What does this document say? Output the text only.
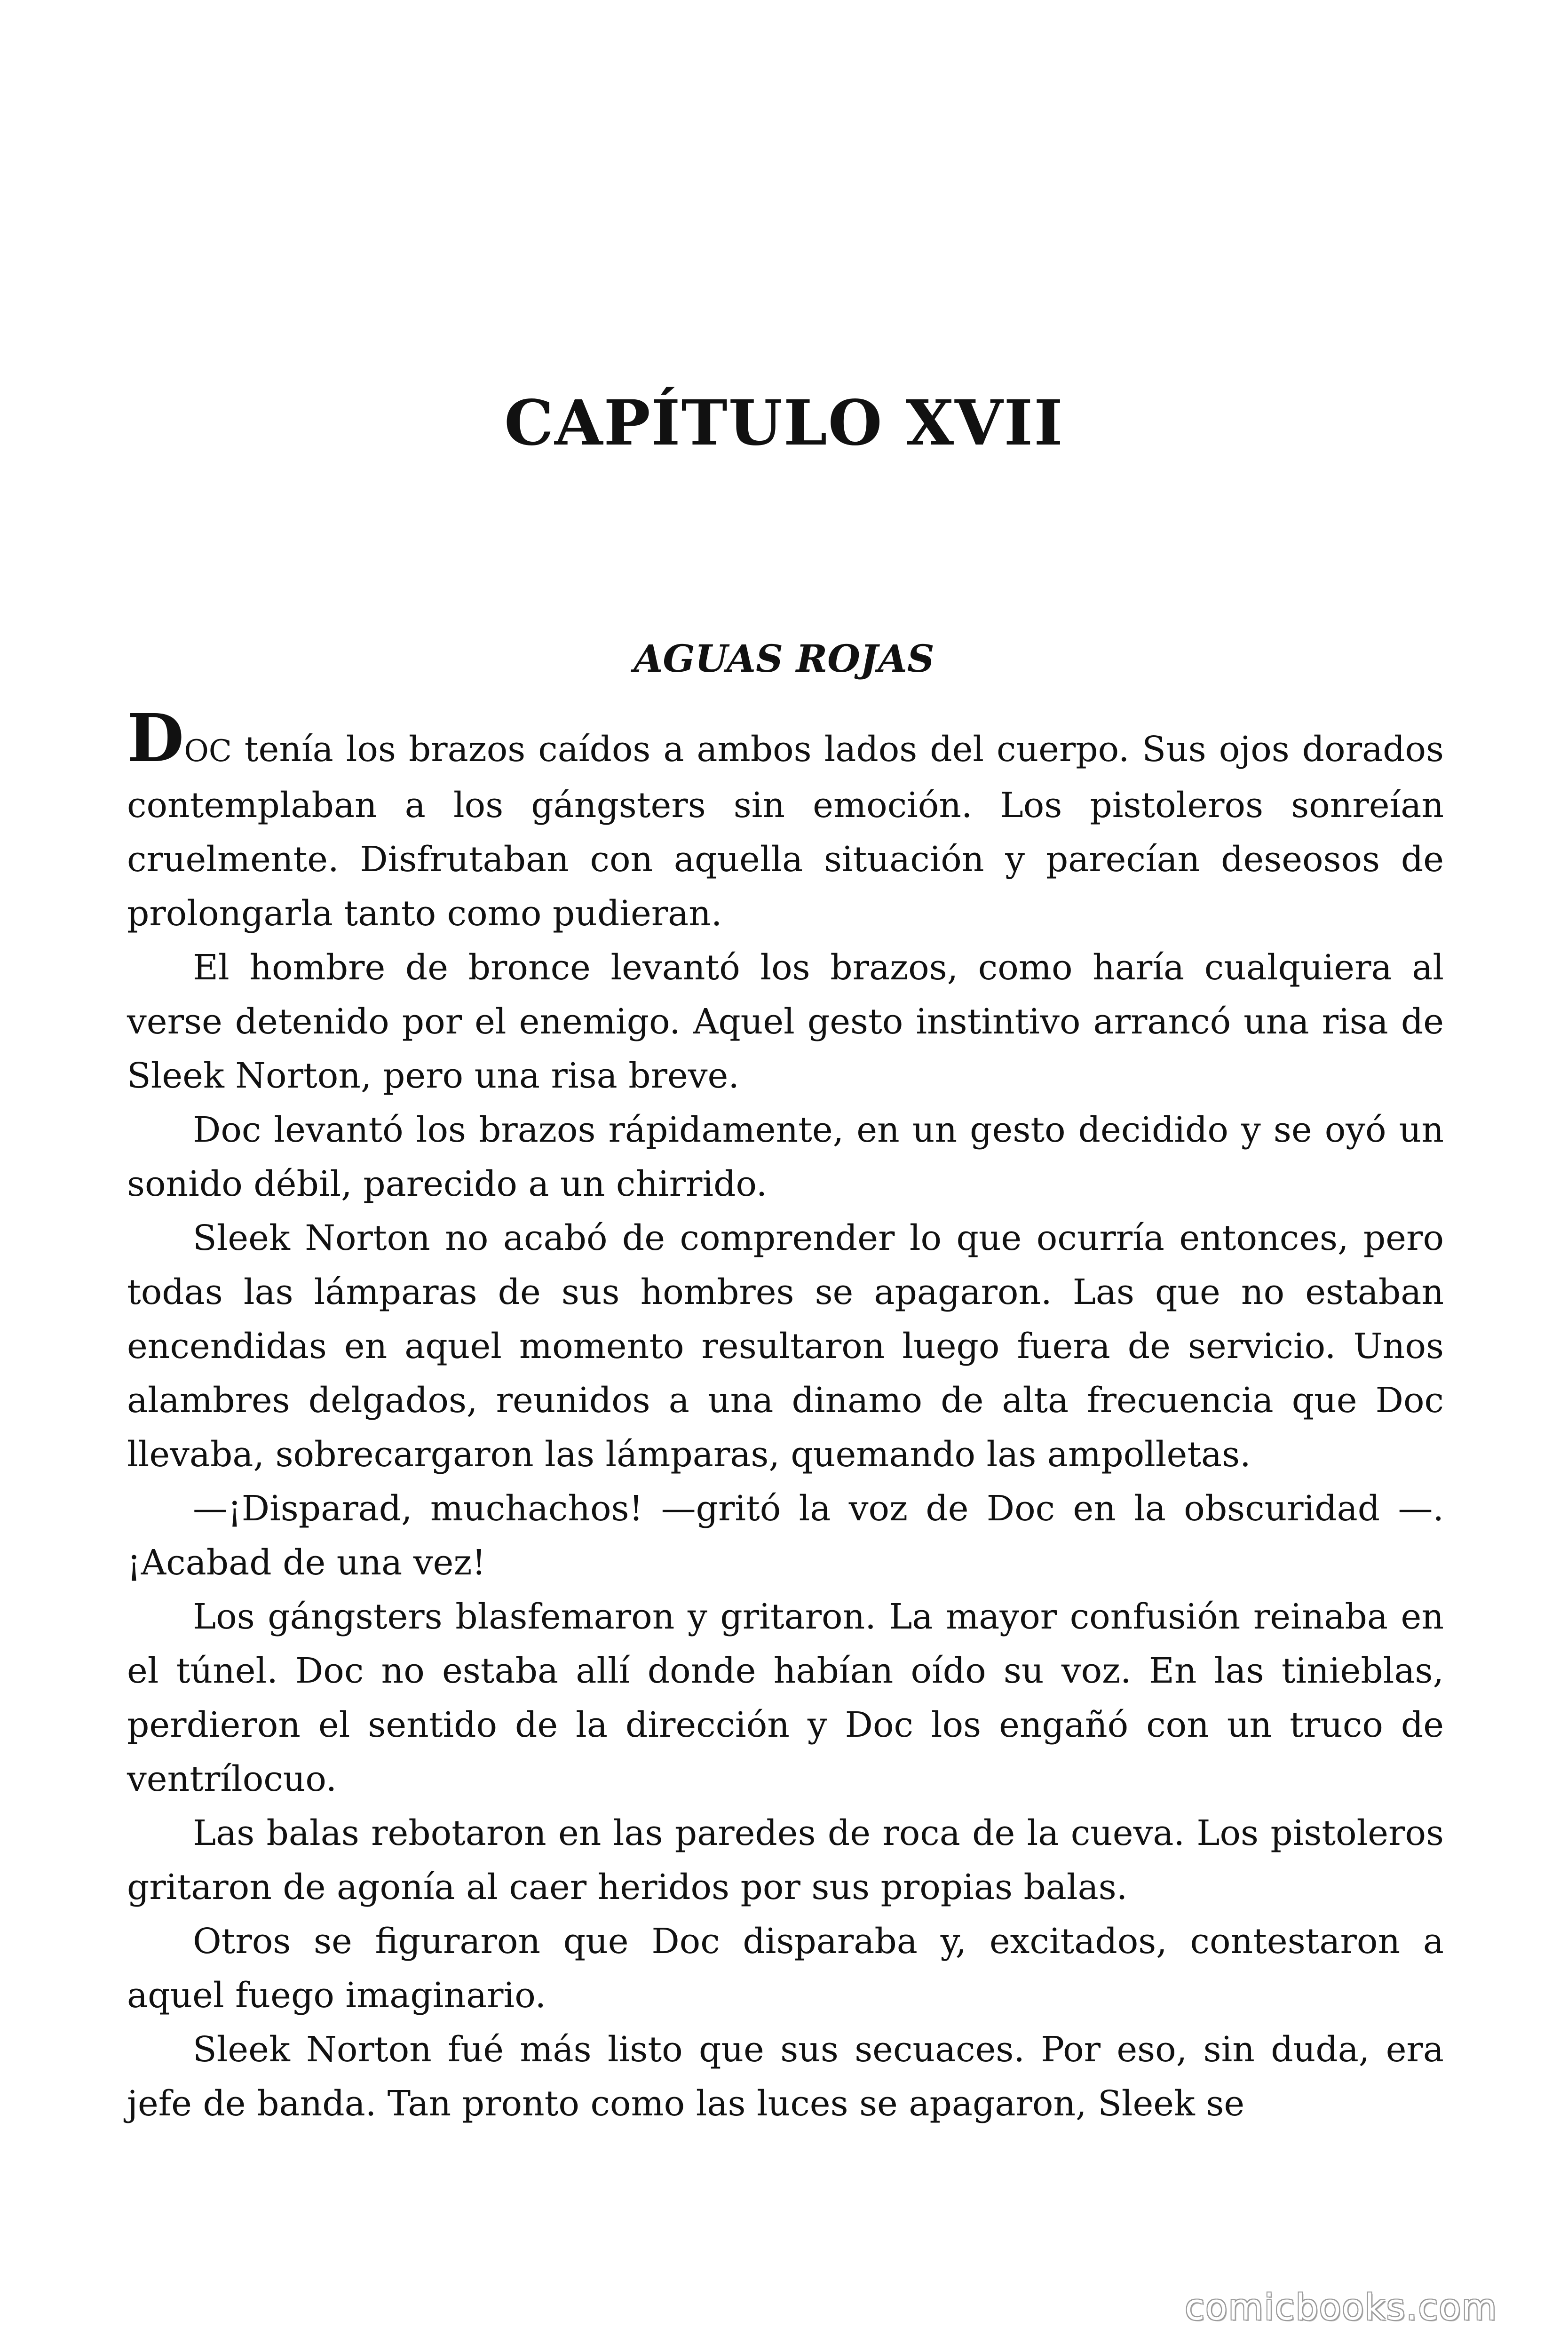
CAPÍTULO XVII
AGUAS ROJAS

DOC tenía los brazos caídos a ambos lados del cuerpo. Sus ojos dorados contemplaban a los gángsters sin emoción. Los pistoleros sonreían cruelmente. Disfrutaban con aquella situación y parecían deseosos de prolongarla tanto como pudieran.

El hombre de bronce levantó los brazos, como haría cualquiera al verse detenido por el enemigo. Aquel gesto instintivo arrancó una risa de Sleek Norton, pero una risa breve.

Doc levantó los brazos rápidamente, en un gesto decidido y se oyó un sonido débil, parecido a un chirrido.

Sleek Norton no acabó de comprender lo que ocurría entonces, pero todas las lámparas de sus hombres se apagaron. Las que no estaban encendidas en aquel momento resultaron luego fuera de servicio. Unos alambres delgados, reunidos a una dinamo de alta frecuencia que Doc llevaba, sobrecargaron las lámparas, quemando las ampolletas.

—¡Disparad, muchachos! —gritó la voz de Doc en la obscuridad —. ¡Acabad de una vez!

Los gángsters blasfemaron y gritaron. La mayor confusión reinaba en el túnel. Doc no estaba allí donde habían oído su voz. En las tinieblas, perdieron el sentido de la dirección y Doc los engañó con un truco de ventrílocuo.

Las balas rebotaron en las paredes de roca de la cueva. Los pistoleros gritaron de agonía al caer heridos por sus propias balas.

Otros se figuraron que Doc disparaba y, excitados, contestaron a aquel fuego imaginario.

Sleek Norton fué más listo que sus secuaces. Por eso, sin duda, era jefe de banda. Tan pronto como las luces se apagaron, Sleek se

comicbooks.com
